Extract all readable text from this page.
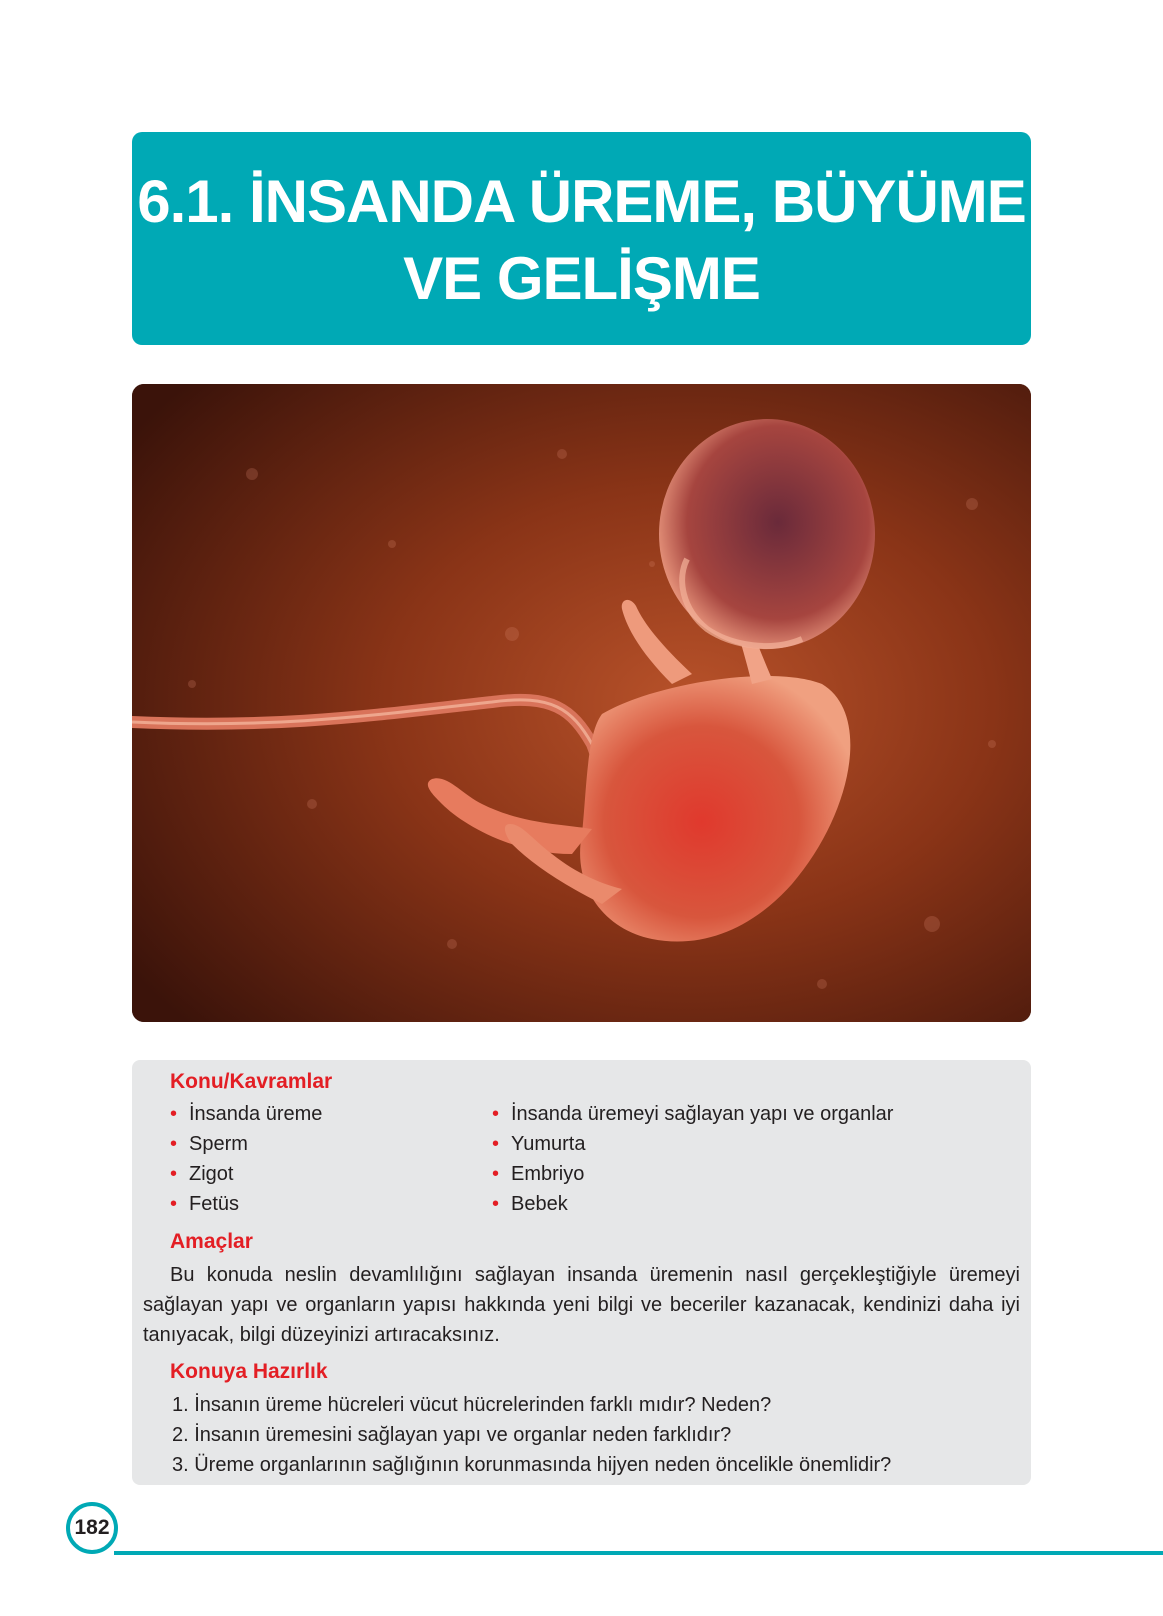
6.1. İNSANDA ÜREME, BÜYÜME
VE GELİŞME
Konu/Kavramlar
• İnsanda üreme
• Sperm
• Zigot
• Fetüs
• İnsanda üremeyi sağlayan yapı ve organlar
• Yumurta
• Embriyo
• Bebek
Amaçlar
Bu konuda neslin devamlılığını sağlayan insanda üremenin nasıl gerçekleştiğiyle üremeyi sağlayan yapı ve organların yapısı hakkında yeni bilgi ve beceriler kazanacak, kendinizi daha iyi tanıyacak, bilgi düzeyinizi artıracaksınız.
Konuya Hazırlık
1. İnsanın üreme hücreleri vücut hücrelerinden farklı mıdır? Neden?
2. İnsanın üremesini sağlayan yapı ve organlar neden farklıdır?
3. Üreme organlarının sağlığının korunmasında hijyen neden öncelikle önemlidir?
182
